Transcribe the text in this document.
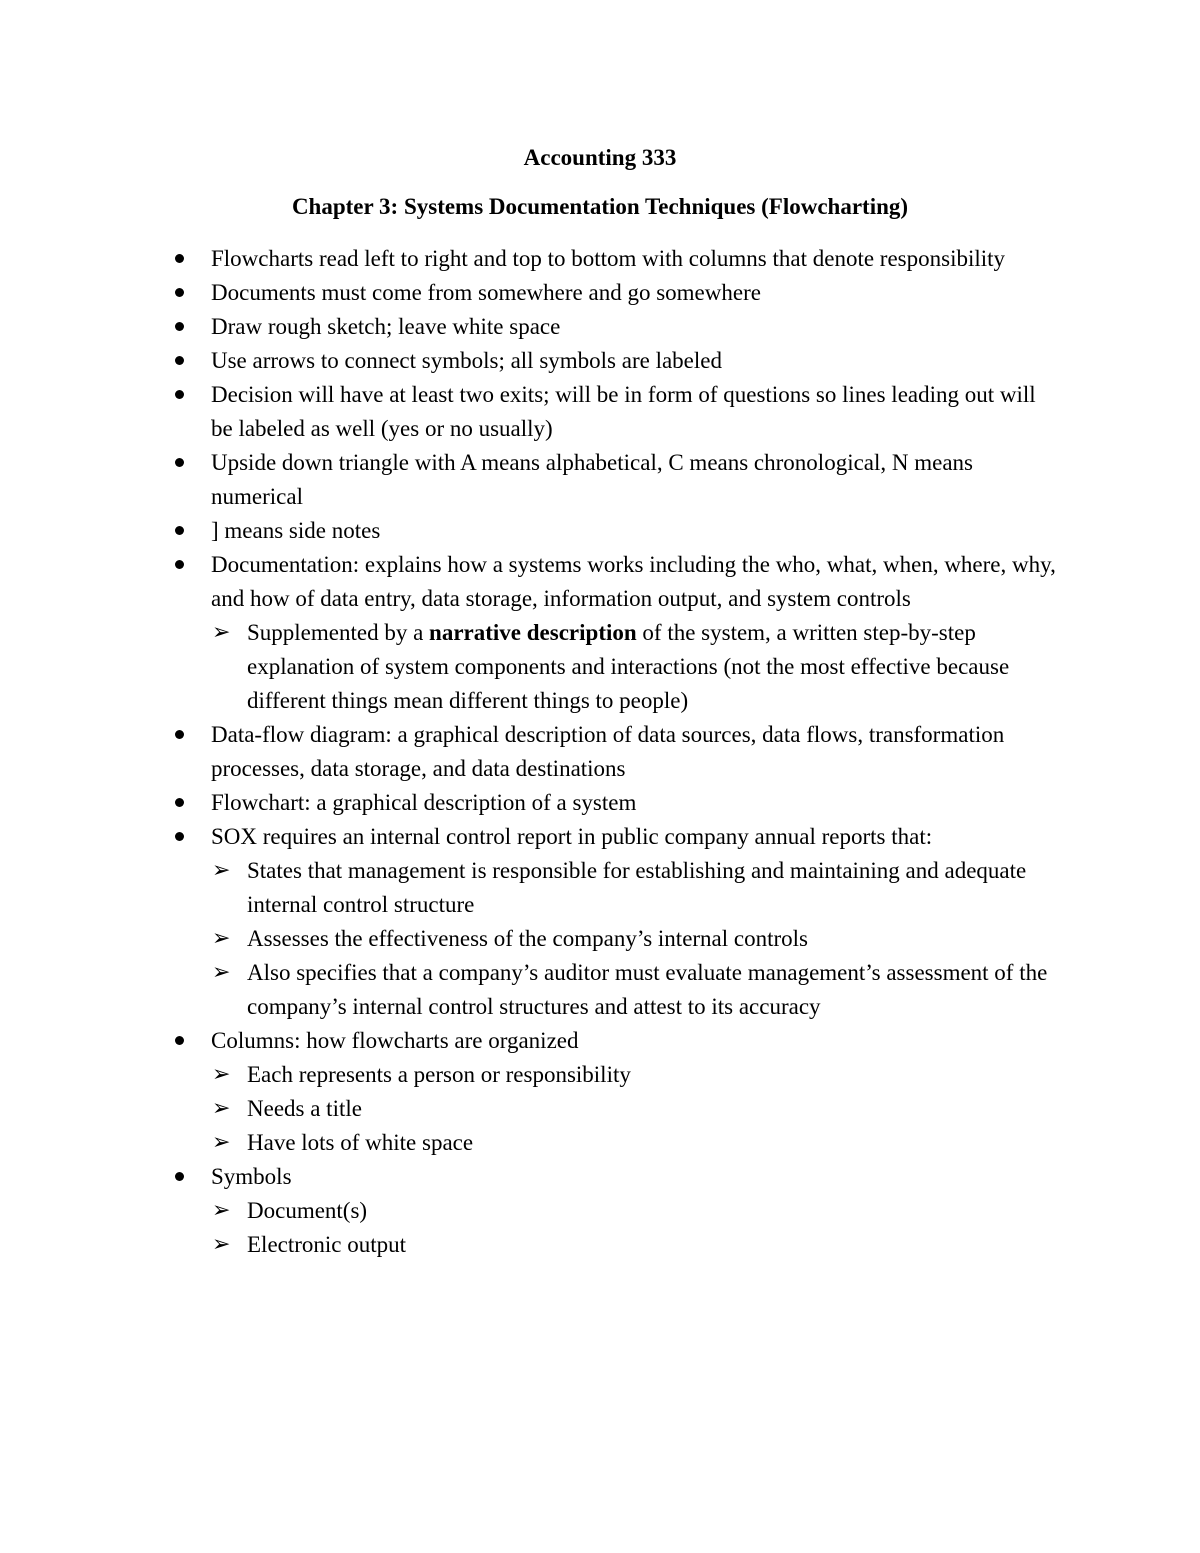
Accounting 333
Chapter 3: Systems Documentation Techniques (Flowcharting)
Flowcharts read left to right and top to bottom with columns that denote responsibility
Documents must come from somewhere and go somewhere
Draw rough sketch; leave white space
Use arrows to connect symbols; all symbols are labeled
Decision will have at least two exits; will be in form of questions so lines leading out will be labeled as well (yes or no usually)
Upside down triangle with A means alphabetical, C means chronological, N means numerical
] means side notes
Documentation: explains how a systems works including the who, what, when, where, why, and how of data entry, data storage, information output, and system controls
➢ Supplemented by a narrative description of the system, a written step-by-step explanation of system components and interactions (not the most effective because different things mean different things to people)
Data-flow diagram: a graphical description of data sources, data flows, transformation processes, data storage, and data destinations
Flowchart: a graphical description of a system
SOX requires an internal control report in public company annual reports that:
➢ States that management is responsible for establishing and maintaining and adequate internal control structure
➢ Assesses the effectiveness of the company’s internal controls
➢ Also specifies that a company’s auditor must evaluate management’s assessment of the company’s internal control structures and attest to its accuracy
Columns: how flowcharts are organized
➢ Each represents a person or responsibility
➢ Needs a title
➢ Have lots of white space
Symbols
➢ Document(s)
➢ Electronic output
